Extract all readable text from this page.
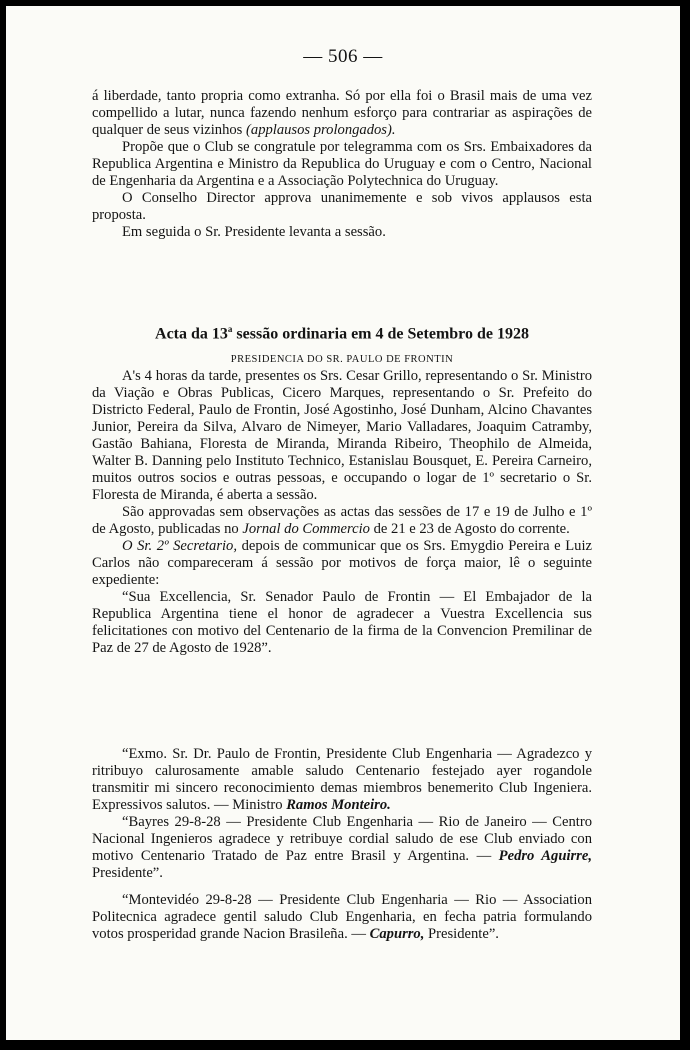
— 506 —

á liberdade, tanto propria como extranha. Só por ella foi o Brasil mais de uma vez compellido a lutar, nunca fazendo nenhum esforço para contrariar as aspirações de qualquer de seus vizinhos (applausos prolongados).

Propõe que o Club se congratule por telegramma com os Srs. Embaixadores da Republica Argentina e Ministro da Republica do Uruguay e com o Centro, Nacional de Engenharia da Argentina e a Associação Polytechnica do Uruguay.

O Conselho Director approva unanimemente e sob vivos applausos esta proposta.

Em seguida o Sr. Presidente levanta a sessão.

Acta da 13$^a$ sessão ordinaria em 4 de Setembro de 1928
PRESIDENCIA DO SR. PAULO DE FRONTIN

A's 4 horas da tarde, presentes os Srs. Cesar Grillo, representando o Sr. Ministro da Viação e Obras Publicas, Cicero Marques, representando o Sr. Prefeito do Districto Federal, Paulo de Frontin, José Agostinho, José Dunham, Alcino Chavantes Junior, Pereira da Silva, Alvaro de Nimeyer, Mario Valladares, Joaquim Catramby, Gastão Bahiana, Floresta de Miranda, Miranda Ribeiro, Theophilo de Almeida, Walter B. Danning pelo Instituto Technico, Estanislau Bousquet, E. Pereira Carneiro, muitos outros socios e outras pessoas, e occupando o logar de 1º secretario o Sr. Floresta de Miranda, é aberta a sessão.

São approvadas sem observações as actas das sessões de 17 e 19 de Julho e 1º de Agosto, publicadas no Jornal do Commercio de 21 e 23 de Agosto do corrente.

O Sr. 2º Secretario, depois de communicar que os Srs. Emygdio Pereira e Luiz Carlos não compareceram á sessão por motivos de força maior, lê o seguinte expediente:

“Sua Excellencia, Sr. Senador Paulo de Frontin — El Embajador de la Republica Argentina tiene el honor de agradecer a Vuestra Excellencia sus felicitationes con motivo del Centenario de la firma de la Convencion Premilinar de Paz de 27 de Agosto de 1928”.

“Exmo. Sr. Dr. Paulo de Frontin, Presidente Club Engenharia — Agradezco y ritribuyo calurosamente amable saludo Centenario festejado ayer rogandole transmitir mi sincero reconocimiento demas miembros benemerito Club Ingeniera. Expressivos salutos. — Ministro Ramos Monteiro.

“Bayres 29-8-28 — Presidente Club Engenharia — Rio de Janeiro — Centro Nacional Ingenieros agradece y retribuye cordial saludo de ese Club enviado con motivo Centenario Tratado de Paz entre Brasil y Argentina. — Pedro Aguirre, Presidente”.

“Montevidéo 29-8-28 — Presidente Club Engenharia — Rio — Association Politecnica agradece gentil saludo Club Engenharia, en fecha patria formulando votos prosperidad grande Nacion Brasileña. — Capurro, Presidente”.
